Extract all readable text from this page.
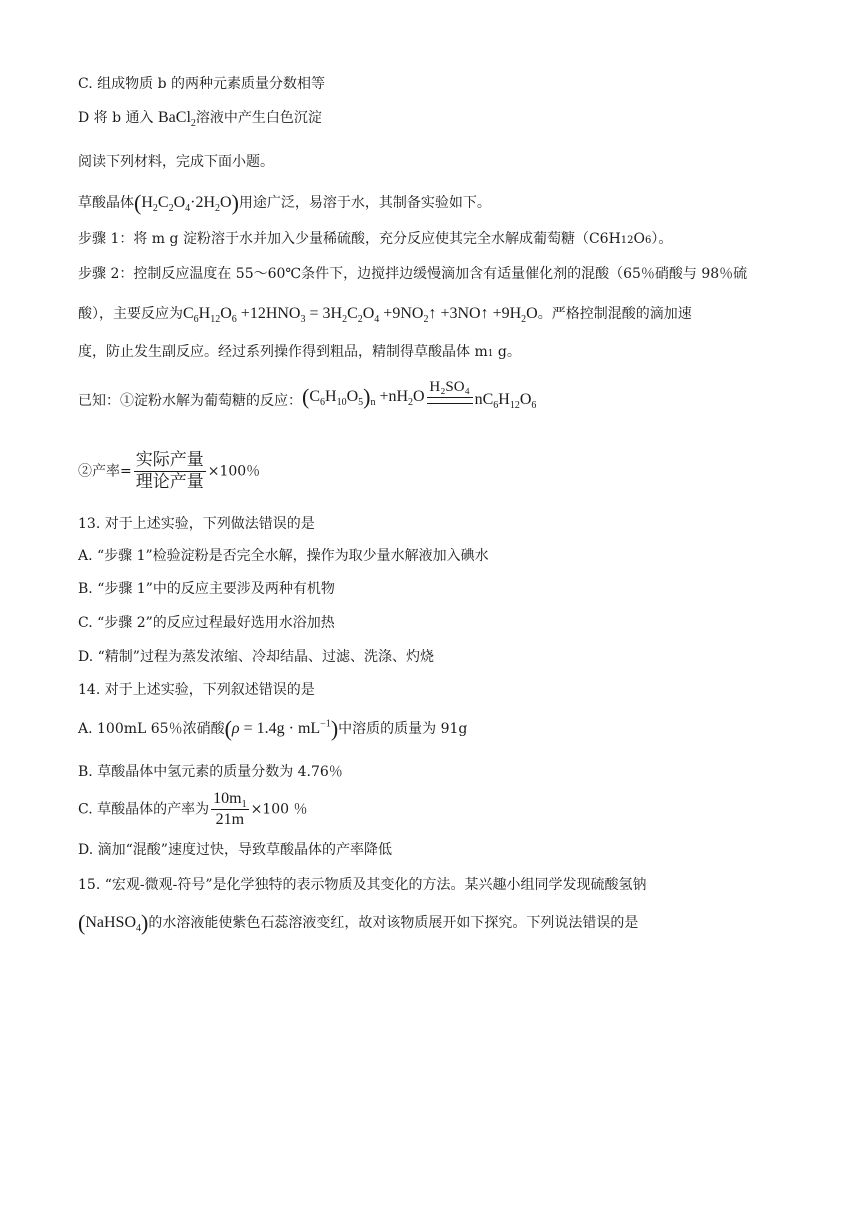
C. 组成物质 b 的两种元素质量分数相等
D 将 b 通入 BaCl$_2$溶液中产生白色沉淀
阅读下列材料，完成下面小题。
草酸晶体$(H_2C_2O_4\cdot 2H_2O)$用途广泛，易溶于水，其制备实验如下。
步骤 1：将 m g 淀粉溶于水并加入少量稀硫酸，充分反应使其完全水解成葡萄糖（C6H12O6）。
步骤 2：控制反应温度在 55～60℃条件下，边搅拌边缓慢滴加含有适量催化剂的混酸（65％硝酸与 98％硫
酸），主要反应为$C_6H_{12}O_6 +12HNO_3 = 3H_2C_2O_4$ $+9NO_2↑$ +3NO↑ $+9H_2O$。严格控制混酸的滴加速
度，防止发生副反应。经过系列操作得到粗品，精制得草酸晶体 m1 g。
已知：①淀粉水解为葡萄糖的反应：$(C_6H_{10}O_5)_n +nH_2O$
H₂SO₄
$nC_6H_{12}O_6$
②产率= $\frac{\text{实际产量}}{\text{理论产量}} \times 100$％
13. 对于上述实验，下列做法错误的是
A. “步骤 1”检验淀粉是否完全水解，操作为取少量水解液加入碘水
B. “步骤 1”中的反应主要涉及两种有机物
C. “步骤 2”的反应过程最好选用水浴加热
D. “精制”过程为蒸发浓缩、冷却结晶、过滤、洗涤、灼烧
14. 对于上述实验，下列叙述错误的是
A. 100mL 65％浓硝酸$(\rho = 1.4g \cdot mL^{-1})$中溶质的质量为 91g
B. 草酸晶体中氢元素的质量分数为 4.76％
C. 草酸晶体的产率为 $\frac{10m_1}{21m} \times 100$ ％
D. 滴加“混酸”速度过快，导致草酸晶体的产率降低
15. “宏观-微观-符号”是化学独特的表示物质及其变化的方法。某兴趣小组同学发现硫酸氢钠
(NaHSO$_4$)的水溶液能使紫色石蕊溶液变红，故对该物质展开如下探究。下列说法错误的是
